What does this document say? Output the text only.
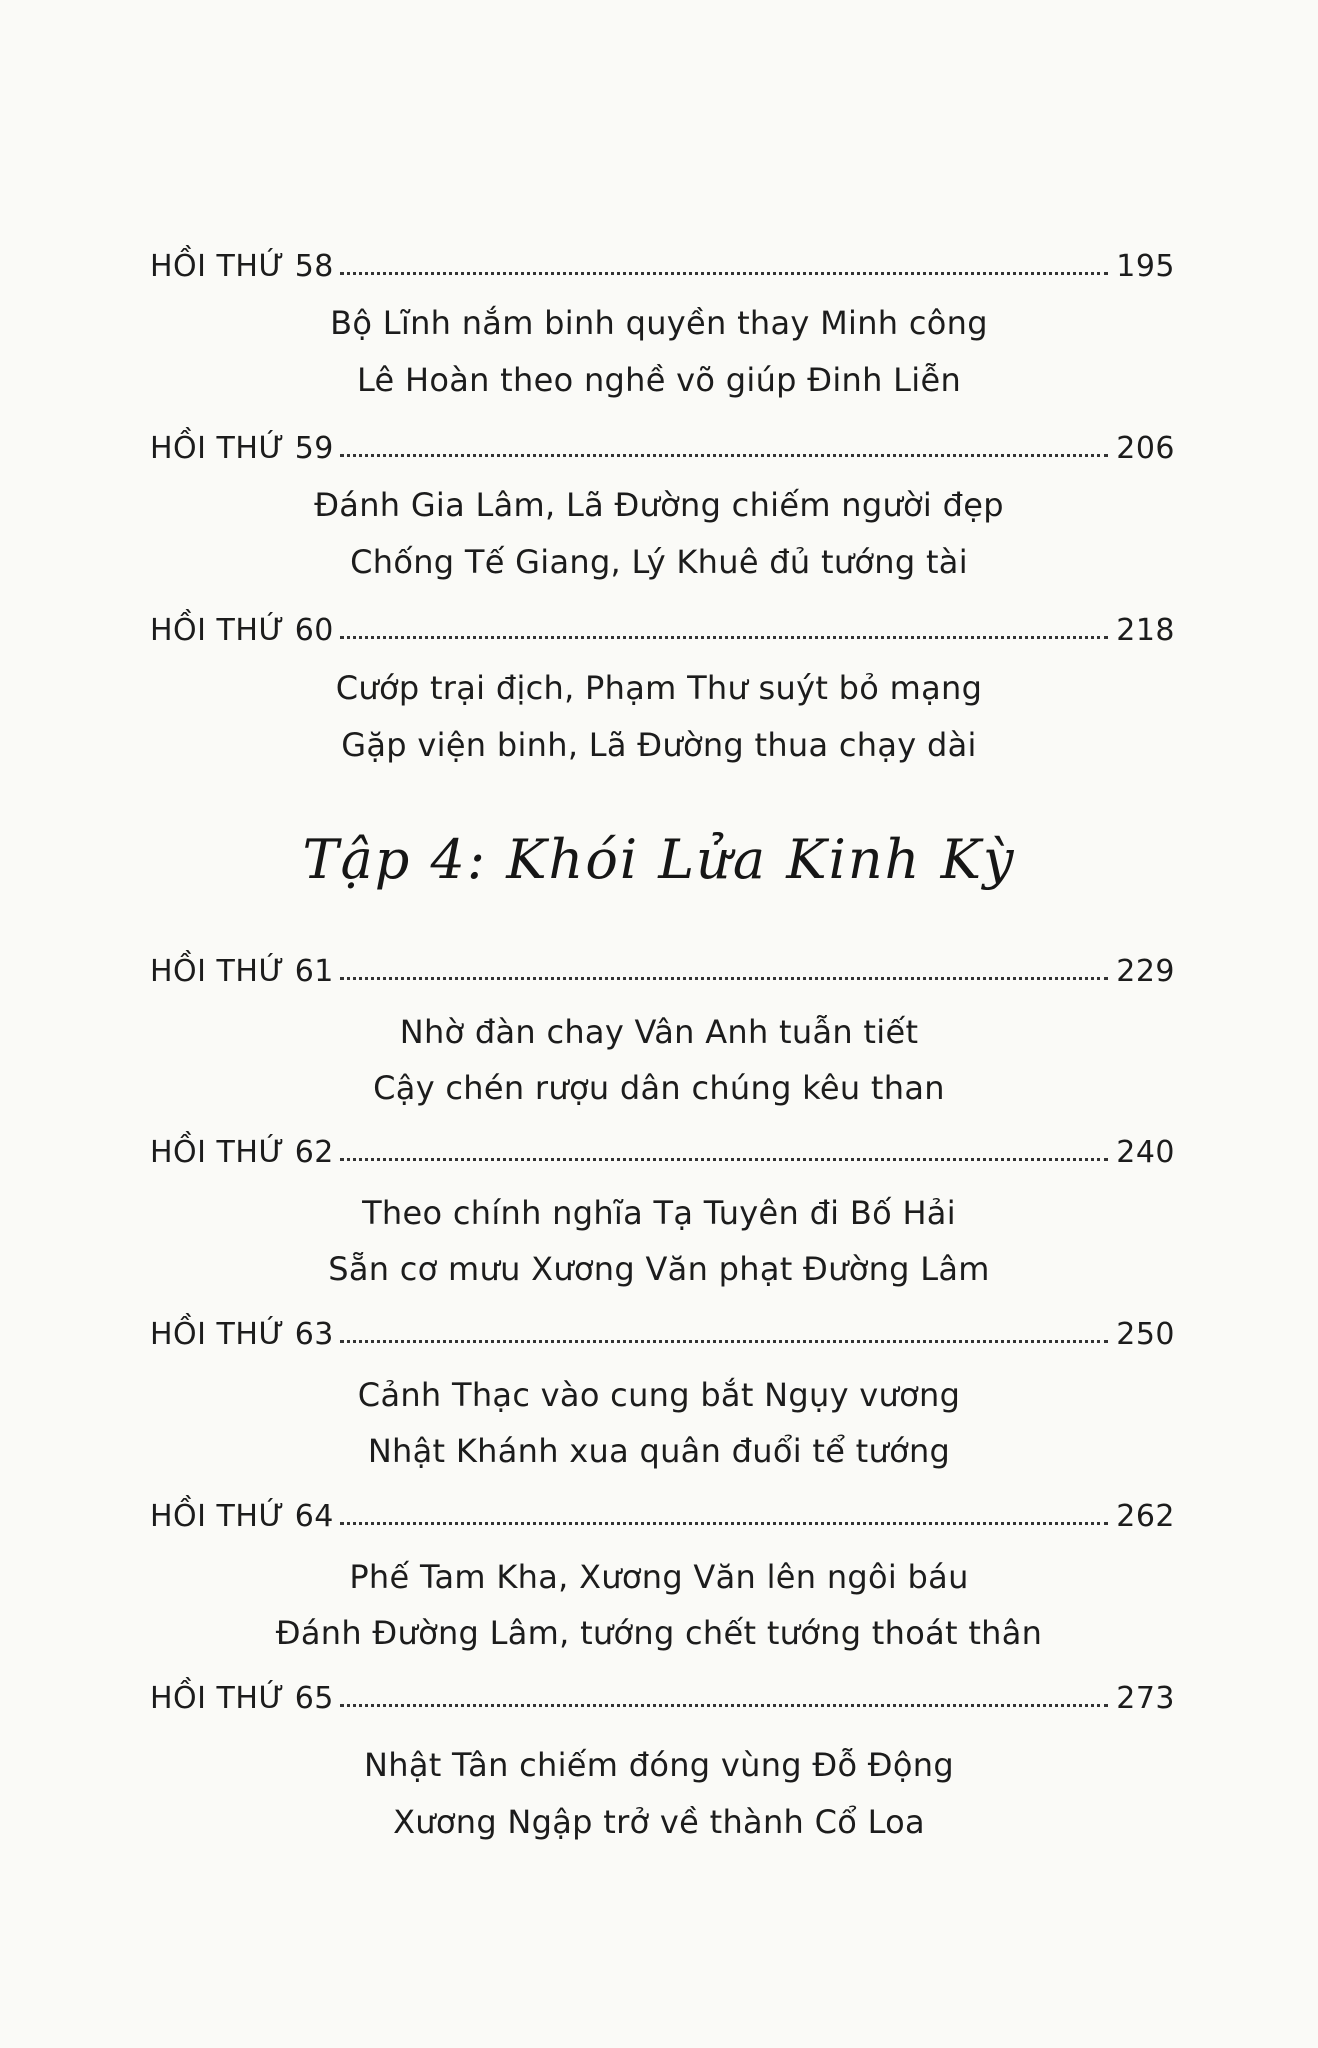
HỒI THỨ 58	195
Bộ Lĩnh nắm binh quyền thay Minh công
Lê Hoàn theo nghề võ giúp Đinh Liễn
HỒI THỨ 59	206
Đánh Gia Lâm, Lã Đường chiếm người đẹp
Chống Tế Giang, Lý Khuê đủ tướng tài
HỒI THỨ 60	218
Cướp trại địch, Phạm Thư suýt bỏ mạng
Gặp viện binh, Lã Đường thua chạy dài
Tập 4: Khói Lửa Kinh Kỳ
HỒI THỨ 61	229
Nhờ đàn chay Vân Anh tuẫn tiết
Cậy chén rượu dân chúng kêu than
HỒI THỨ 62	240
Theo chính nghĩa Tạ Tuyên đi Bố Hải
Sẵn cơ mưu Xương Văn phạt Đường Lâm
HỒI THỨ 63	250
Cảnh Thạc vào cung bắt Ngụy vương
Nhật Khánh xua quân đuổi tể tướng
HỒI THỨ 64	262
Phế Tam Kha, Xương Văn lên ngôi báu
Đánh Đường Lâm, tướng chết tướng thoát thân
HỒI THỨ 65	273
Nhật Tân chiếm đóng vùng Đỗ Động
Xương Ngập trở về thành Cổ Loa
